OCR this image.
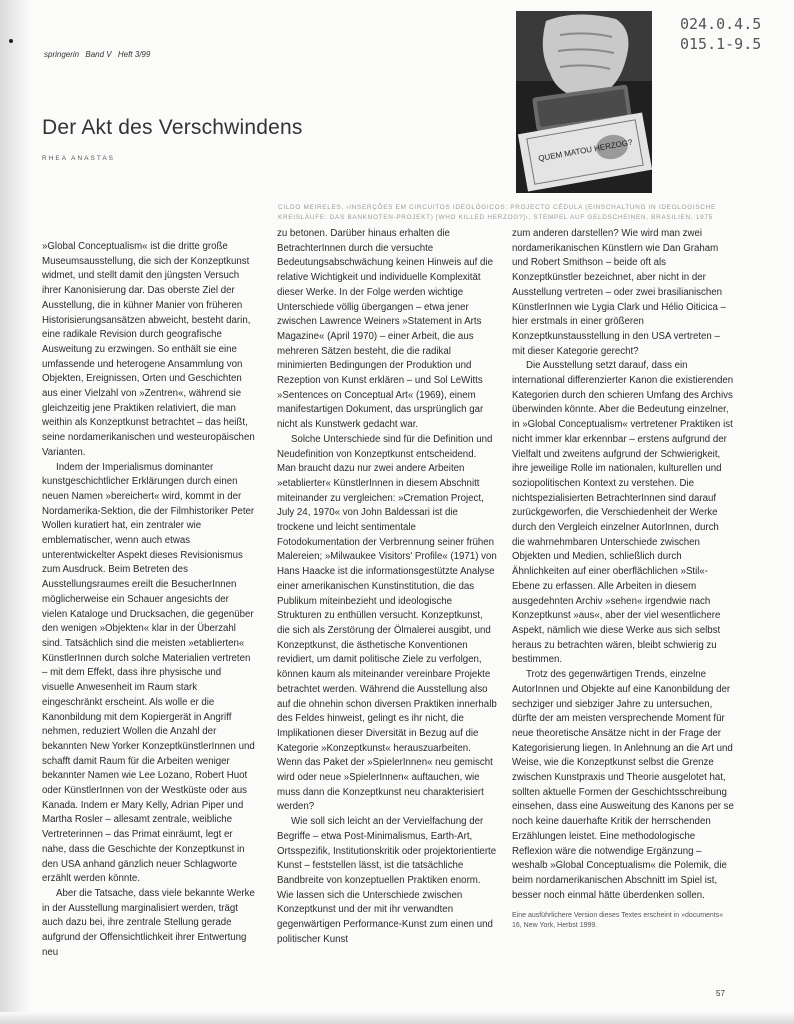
springerin Band V Heft 3/99
Der Akt des Verschwindens
RHEA ANASTAS	QUEM MATOU HERZOG?
024.0.4.5
015.1-9.5
CILDO MEIRELES, ›INSERÇÕES EM CIRCUITOS IDEOLÓGICOS: PROJECTO CÉDULA (EINSCHALTUNG IN IDEOLOGISCHE KREISLÄUFE: DAS BANKNOTEN-PROJEKT) [WHO KILLED HERZOG?]‹, STEMPEL AUF GELDSCHEINEN, BRASILIEN, 1975

»Global Conceptualism« ist die dritte große Museumsausstellung, die sich der Konzeptkunst widmet, und stellt damit den jüngsten Versuch ihrer Kanonisierung dar. Das oberste Ziel der Ausstellung, die in kühner Manier von früheren Historisierungsansätzen abweicht, besteht darin, eine radikale Revision durch geografische Ausweitung zu erzwingen. So enthält sie eine umfassende und heterogene Ansammlung von Objekten, Ereignissen, Orten und Geschichten aus einer Vielzahl von »Zentren«, während sie gleichzeitig jene Praktiken relativiert, die man weithin als Konzeptkunst betrachtet – das heißt, seine nordamerikanischen und westeuropäischen Varianten.

Indem der Imperialismus dominanter kunstgeschichtlicher Erklärungen durch einen neuen Namen »bereichert« wird, kommt in der Nordamerika-Sektion, die der Filmhistoriker Peter Wollen kuratiert hat, ein zentraler wie emblematischer, wenn auch etwas unterentwickelter Aspekt dieses Revisionismus zum Ausdruck. Beim Betreten des Ausstellungsraumes ereilt die BesucherInnen möglicherweise ein Schauer angesichts der vielen Kataloge und Drucksachen, die gegenüber den wenigen »Objekten« klar in der Überzahl sind. Tatsächlich sind die meisten »etablierten« KünstlerInnen durch solche Materialien vertreten – mit dem Effekt, dass ihre physische und visuelle Anwesenheit im Raum stark eingeschränkt erscheint. Als wolle er die Kanonbildung mit dem Kopiergerät in Angriff nehmen, reduziert Wollen die Anzahl der bekannten New Yorker KonzeptkünstlerInnen und schafft damit Raum für die Arbeiten weniger bekannter Namen wie Lee Lozano, Robert Huot oder KünstlerInnen von der Westküste oder aus Kanada. Indem er Mary Kelly, Adrian Piper und Martha Rosler – allesamt zentrale, weibliche Vertreterinnen – das Primat einräumt, legt er nahe, dass die Geschichte der Konzeptkunst in den USA anhand gänzlich neuer Schlagworte erzählt werden könnte.

Aber die Tatsache, dass viele bekannte Werke in der Ausstellung marginalisiert werden, trägt auch dazu bei, ihre zentrale Stellung gerade aufgrund der Offensichtlichkeit ihrer Entwertung neu

zu betonen. Darüber hinaus erhalten die BetrachterInnen durch die versuchte Bedeutungsabschwächung keinen Hinweis auf die relative Wichtigkeit und individuelle Komplexität dieser Werke. In der Folge werden wichtige Unterschiede völlig übergangen – etwa jener zwischen Lawrence Weiners »Statement in Arts Magazine« (April 1970) – einer Arbeit, die aus mehreren Sätzen besteht, die die radikal minimierten Bedingungen der Produktion und Rezeption von Kunst erklären – und Sol LeWitts »Sentences on Conceptual Art« (1969), einem manifestartigen Dokument, das ursprünglich gar nicht als Kunstwerk gedacht war.

Solche Unterschiede sind für die Definition und Neudefinition von Konzeptkunst entscheidend. Man braucht dazu nur zwei andere Arbeiten »etablierter« KünstlerInnen in diesem Abschnitt miteinander zu vergleichen: »Cremation Project, July 24, 1970« von John Baldessari ist die trockene und leicht sentimentale Fotodokumentation der Verbrennung seiner frühen Malereien; »Milwaukee Visitors' Profile« (1971) von Hans Haacke ist die informationsgestützte Analyse einer amerikanischen Kunstinstitution, die das Publikum miteinbezieht und ideologische Strukturen zu enthüllen versucht. Konzeptkunst, die sich als Zerstörung der Ölmalerei ausgibt, und Konzeptkunst, die ästhetische Konventionen revidiert, um damit politische Ziele zu verfolgen, können kaum als miteinander vereinbare Projekte betrachtet werden. Während die Ausstellung also auf die ohnehin schon diversen Praktiken innerhalb des Feldes hinweist, gelingt es ihr nicht, die Implikationen dieser Diversität in Bezug auf die Kategorie »Konzeptkunst« herauszuarbeiten. Wenn das Paket der »SpielerInnen« neu gemischt wird oder neue »SpielerInnen« auftauchen, wie muss dann die Konzeptkunst neu charakterisiert werden?

Wie soll sich leicht an der Vervielfachung der Begriffe – etwa Post-Minimalismus, Earth-Art, Ortsspezifik, Institutionskritik oder projektorientierte Kunst – feststellen lässt, ist die tatsächliche Bandbreite von konzeptuellen Praktiken enorm. Wie lassen sich die Unterschiede zwischen Konzeptkunst und der mit ihr verwandten gegenwärtigen Performance-Kunst zum einen und politischer Kunst

zum anderen darstellen? Wie wird man zwei nordamerikanischen Künstlern wie Dan Graham und Robert Smithson – beide oft als Konzeptkünstler bezeichnet, aber nicht in der Ausstellung vertreten – oder zwei brasilianischen KünstlerInnen wie Lygia Clark und Hélio Oiticica – hier erstmals in einer größeren Konzeptkunstausstellung in den USA vertreten – mit dieser Kategorie gerecht?

Die Ausstellung setzt darauf, dass ein international differenzierter Kanon die existierenden Kategorien durch den schieren Umfang des Archivs überwinden könnte. Aber die Bedeutung einzelner, in »Global Conceptualism« vertretener Praktiken ist nicht immer klar erkennbar – erstens aufgrund der Vielfalt und zweitens aufgrund der Schwierigkeit, ihre jeweilige Rolle im nationalen, kulturellen und soziopolitischen Kontext zu verstehen. Die nichtspezialisierten BetrachterInnen sind darauf zurückgeworfen, die Verschiedenheit der Werke durch den Vergleich einzelner AutorInnen, durch die wahrnehmbaren Unterschiede zwischen Objekten und Medien, schließlich durch Ähnlichkeiten auf einer oberflächlichen »Stil«-Ebene zu erfassen. Alle Arbeiten in diesem ausgedehnten Archiv »sehen« irgendwie nach Konzeptkunst »aus«, aber der viel wesentlichere Aspekt, nämlich wie diese Werke aus sich selbst heraus zu betrachten wären, bleibt schwierig zu bestimmen.

Trotz des gegenwärtigen Trends, einzelne AutorInnen und Objekte auf eine Kanonbildung der sechziger und siebziger Jahre zu untersuchen, dürfte der am meisten versprechende Moment für neue theoretische Ansätze nicht in der Frage der Kategorisierung liegen. In Anlehnung an die Art und Weise, wie die Konzeptkunst selbst die Grenze zwischen Kunstpraxis und Theorie ausgelotet hat, sollten aktuelle Formen der Geschichtsschreibung einsehen, dass eine Ausweitung des Kanons per se noch keine dauerhafte Kritik der herrschenden Erzählungen leistet. Eine methodologische Reflexion wäre die notwendige Ergänzung – weshalb »Global Conceptualism« die Polemik, die beim nordamerikanischen Abschnitt im Spiel ist, besser noch einmal hätte überdenken sollen.

Eine ausführlichere Version dieses Textes erscheint in »documents« 16, New York, Herbst 1999.

57
